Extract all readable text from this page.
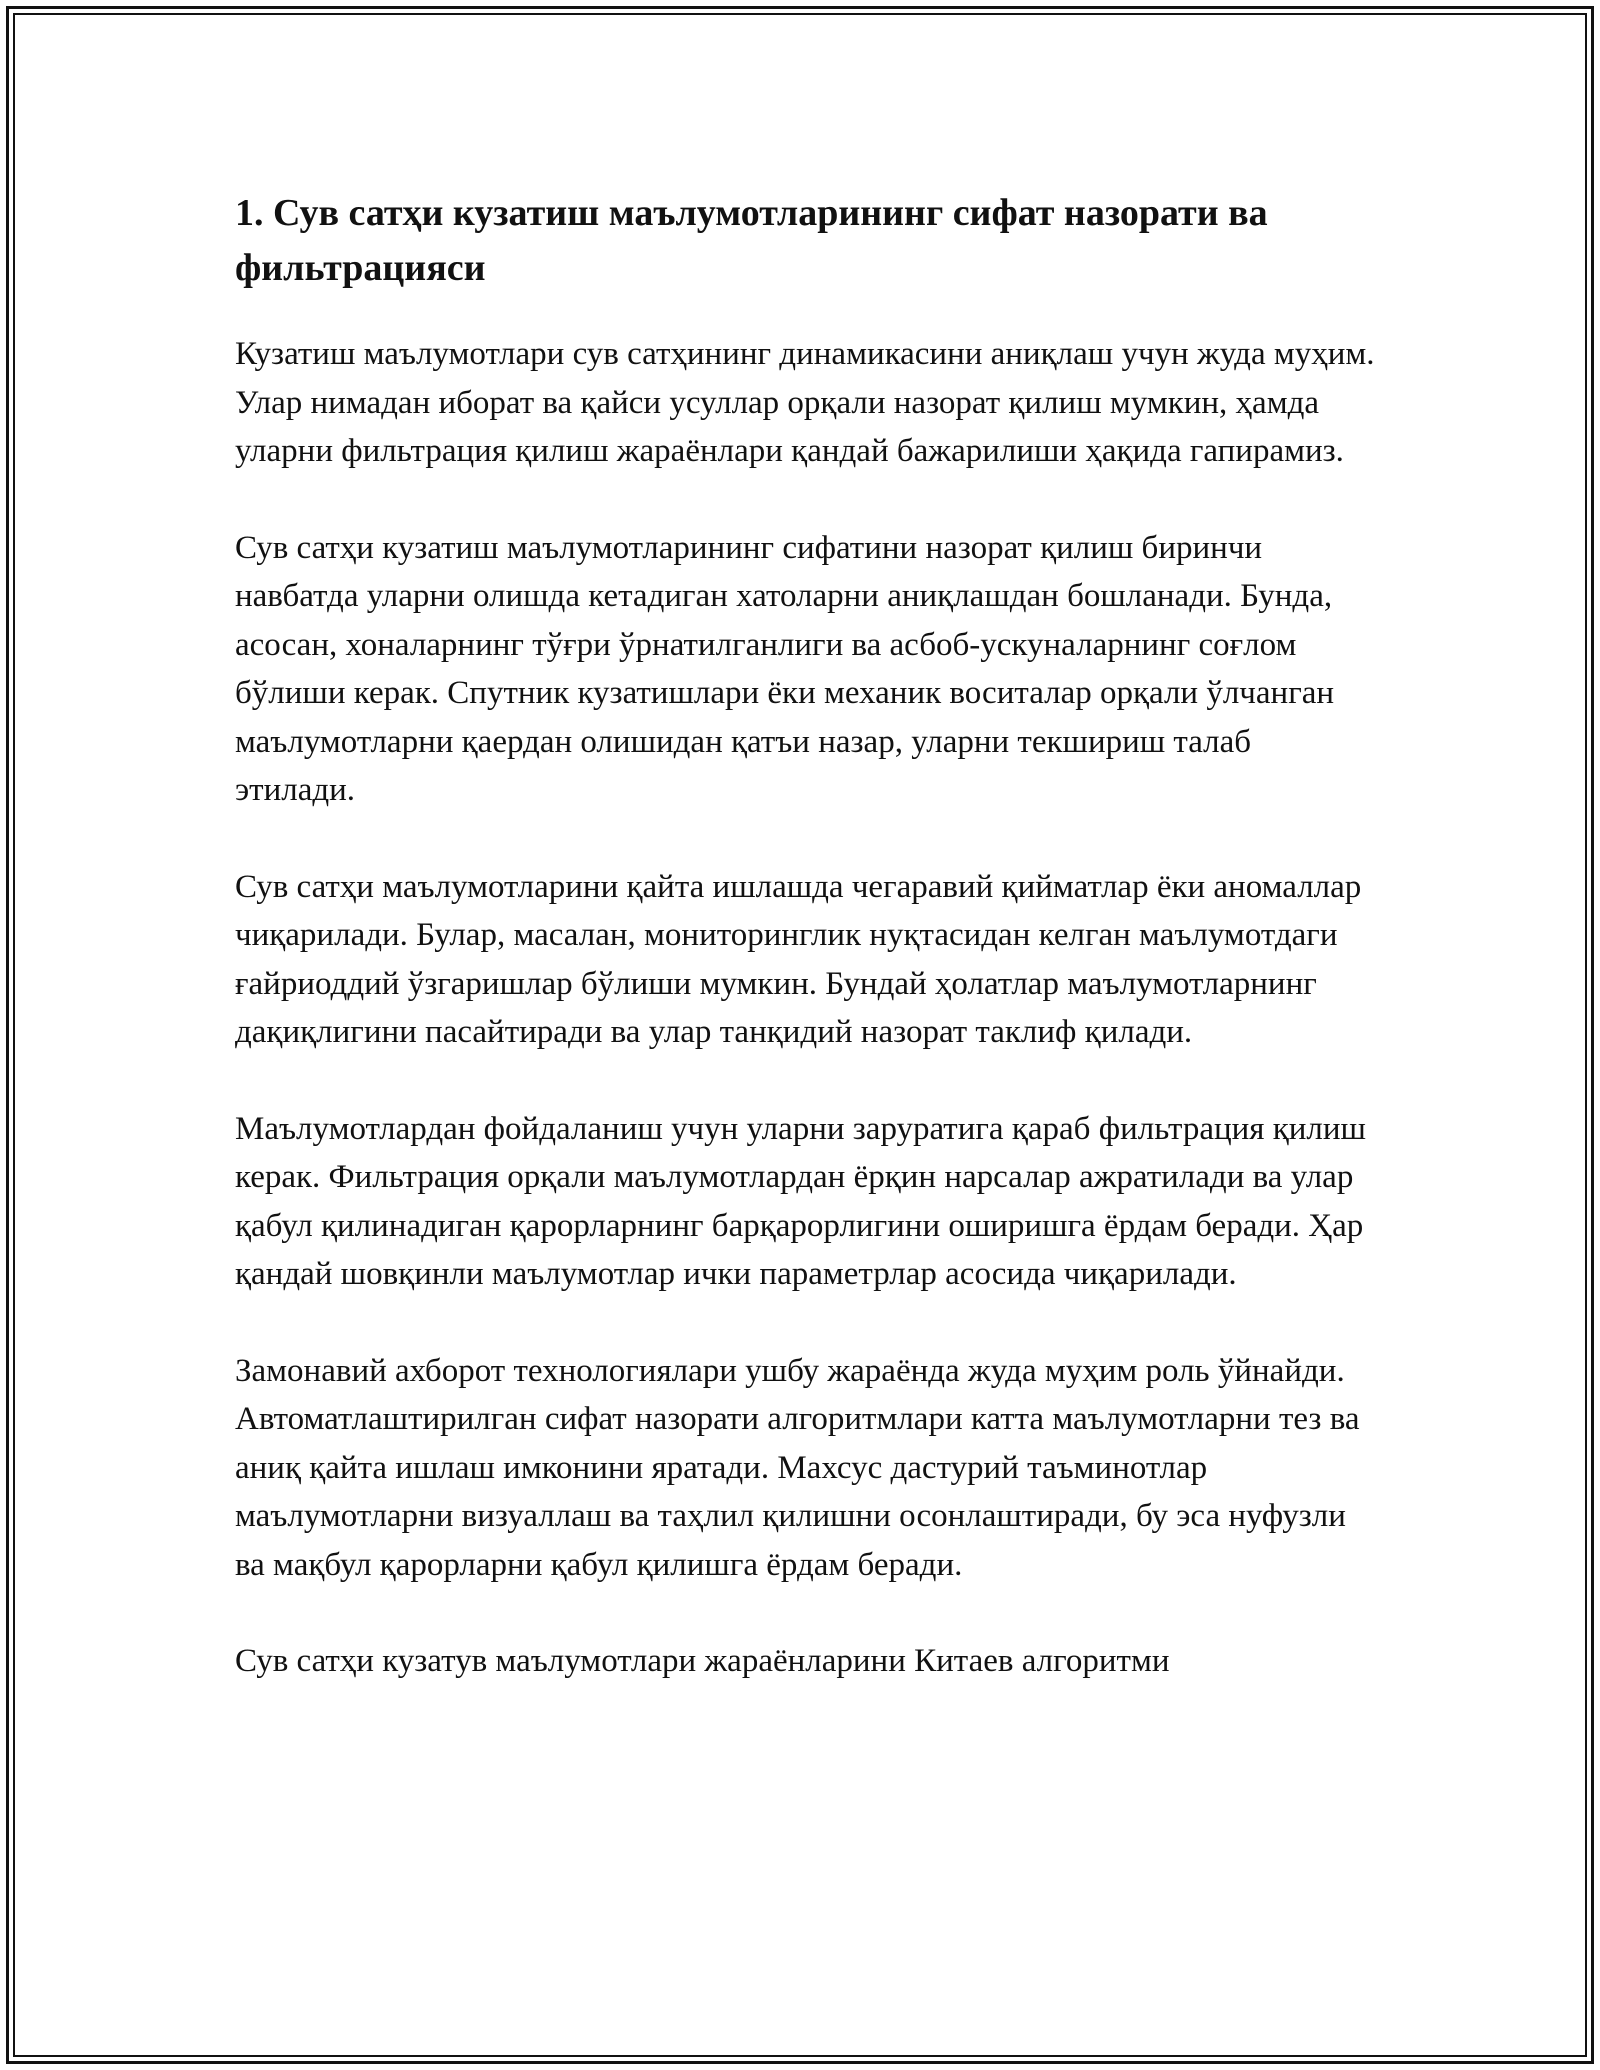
1. Сув сатҳи кузатиш маълумотларининг сифат назорати ва фильтрацияси

Кузатиш маълумотлари сув сатҳининг динамикасини аниқлаш учун жуда муҳим. Улар нимадан иборат ва қайси усуллар орқали назорат қилиш мумкин, ҳамда уларни фильтрация қилиш жараёнлари қандай бажарилиши ҳақида гапирамиз.

Сув сатҳи кузатиш маълумотларининг сифатини назорат қилиш биринчи навбатда уларни олишда кетадиган хатоларни аниқлашдан бошланади. Бунда, асосан, хоналарнинг тўғри ўрнатилганлиги ва асбоб-ускуналарнинг соғлом бўлиши керак. Спутник кузатишлари ёки механик воситалар орқали ўлчанган маълумотларни қаердан олишидан қатъи назар, уларни текшириш талаб этилади.

Сув сатҳи маълумотларини қайта ишлашда чегаравий қийматлар ёки аномаллар чиқарилади. Булар, масалан, мониторинглик нуқтасидан келган маълумотдаги ғайриоддий ўзгаришлар бўлиши мумкин. Бундай ҳолатлар маълумотларнинг дақиқлигини пасайтиради ва улар танқидий назорат таклиф қилади.

Маълумотлардан фойдаланиш учун уларни заруратига қараб фильтрация қилиш керак. Фильтрация орқали маълумотлардан ёрқин нарсалар ажратилади ва улар қабул қилинадиган қарорларнинг барқарорлигини оширишга ёрдам беради. Ҳар қандай шовқинли маълумотлар ички параметрлар асосида чиқарилади.

Замонавий ахборот технологиялари ушбу жараёнда жуда муҳим роль ўйнайди. Автоматлаштирилган сифат назорати алгоритмлари катта маълумотларни тез ва аниқ қайта ишлаш имконини яратади. Махсус дастурий таъминотлар маълумотларни визуаллаш ва таҳлил қилишни осонлаштиради, бу эса нуфузли ва мақбул қарорларни қабул қилишга ёрдам беради.

Сув сатҳи кузатув маълумотлари жараёнларини Китаев алгоритми
